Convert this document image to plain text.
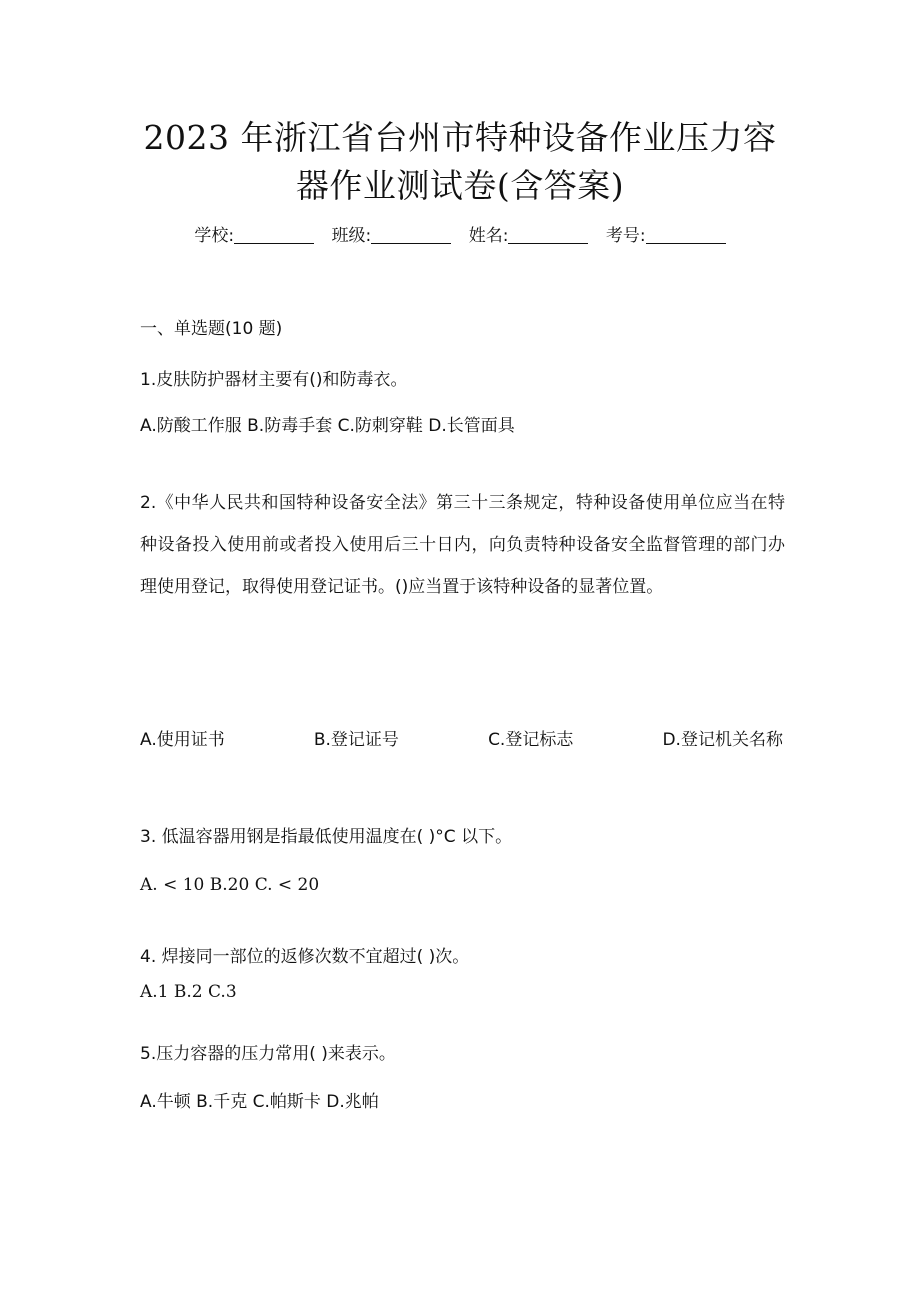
2023 年浙江省台州市特种设备作业压力容
器作业测试卷(含答案)
学校:	班级:	姓名:	考号:

一、单选题(10 题)

1.皮肤防护器材主要有()和防毒衣。

A.防酸工作服 B.防毒手套 C.防刺穿鞋 D.长管面具

2.《中华人民共和国特种设备安全法》第三十三条规定，特种设备使用单位应当在特种设备投入使用前或者投入使用后三十日内，向负责特种设备安全监督管理的部门办理使用登记，取得使用登记证书。()应当置于该特种设备的显著位置。

A.使用证书	B.登记证号	C.登记标志	D.登记机关名称

3. 低温容器用钢是指最低使用温度在( )°C 以下。

A. < 10 B.20 C. < 20

4. 焊接同一部位的返修次数不宜超过( )次。

A.1 B.2 C.3

5.压力容器的压力常用( )来表示。

A.牛顿 B.千克 C.帕斯卡 D.兆帕
